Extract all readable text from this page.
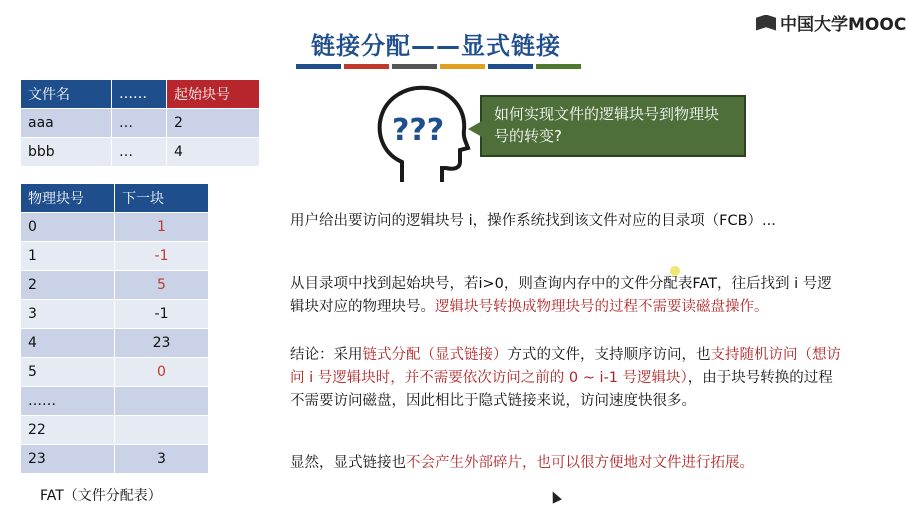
中国大学MOOC
链接分配——显式链接
文件名	……	起始块号
aaa	…	2
bbb	…	4
物理块号	下一块
0	1
1	-1
2	5
3	-1
4	23
5	0
……	
22	
23	3
FAT（文件分配表）
???	如何实现文件的逻辑块号到物理块号的转变?
用户给出要访问的逻辑块号 i，操作系统找到该文件对应的目录项（FCB）...
从目录项中找到起始块号，若i>0，则查询内存中的文件分配表FAT，往后找到 i 号逻辑块对应的物理块号。逻辑块号转换成物理块号的过程不需要读磁盘操作。
结论：采用链式分配（显式链接）方式的文件，支持顺序访问，也支持随机访问（想访问 i 号逻辑块时，并不需要依次访问之前的 0 ~ i-1 号逻辑块），由于块号转换的过程不需要访问磁盘，因此相比于隐式链接来说，访问速度快很多。
显然，显式链接也不会产生外部碎片，也可以很方便地对文件进行拓展。
